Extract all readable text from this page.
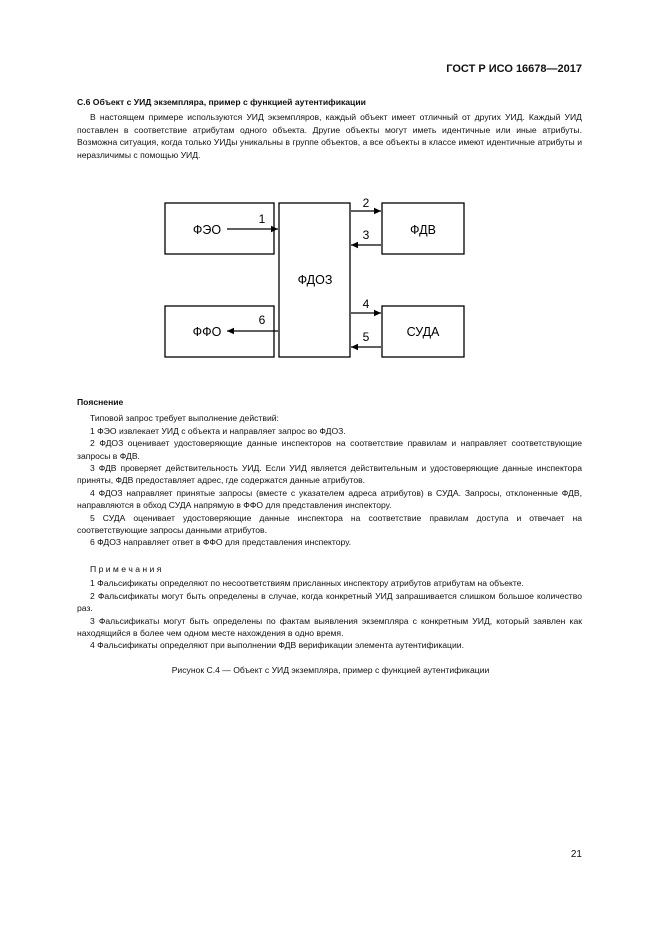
ГОСТ Р ИСО 16678—2017
С.6 Объект с УИД экземпляра, пример с функцией аутентификации

В настоящем примере используются УИД экземпляров, каждый объект имеет отличный от других УИД. Каждый УИД поставлен в соответствие атрибутам одного объекта. Другие объекты могут иметь идентичные или иные атрибуты. Возможна ситуация, когда только УИДы уникальны в группе объектов, а все объекты в классе имеют идентичные атрибуты и неразличимы с помощью УИД.

ФЭО
ФФО
ФДОЗ
ФДВ
СУДА
1
2
3
4
5
6
Пояснение

Типовой запрос требует выполнение действий:

1 ФЭО извлекает УИД с объекта и направляет запрос во ФДОЗ.

2 ФДОЗ оценивает удостоверяющие данные инспекторов на соответствие правилам и направляет соответствующие запросы в ФДВ.

3 ФДВ проверяет действительность УИД. Если УИД является действительным и удостоверяющие данные инспектора приняты, ФДВ предоставляет адрес, где содержатся данные атрибутов.

4 ФДОЗ направляет принятые запросы (вместе с указателем адреса атрибутов) в СУДА. Запросы, отклоненные ФДВ, направляются в обход СУДА напрямую в ФФО для представления инспектору.

5 СУДА оценивает удостоверяющие данные инспектора на соответствие правилам доступа и отвечает на соответствующие запросы данными атрибутов.

6 ФДОЗ направляет ответ в ФФО для представления инспектору.

П р и м е ч а н и я

1 Фальсификаты определяют по несоответствиям присланных инспектору атрибутов атрибутам на объекте.

2 Фальсификаты могут быть определены в случае, когда конкретный УИД запрашивается слишком большое количество раз.

3 Фальсификаты могут быть определены по фактам выявления экземпляра с конкретным УИД, который заявлен как находящийся в более чем одном месте нахождения в одно время.

4 Фальсификаты определяют при выполнении ФДВ верификации элемента аутентификации.

Рисунок С.4 — Объект с УИД экземпляра, пример с функцией аутентификации
21
